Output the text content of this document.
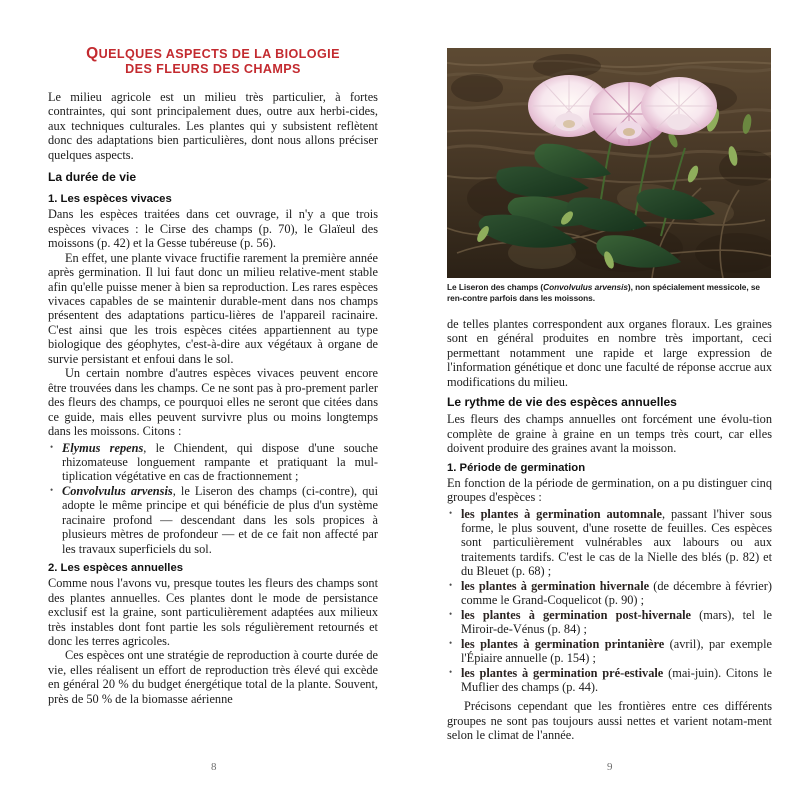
QUELQUES ASPECTS DE LA BIOLOGIE
DES FLEURS DES CHAMPS

Le milieu agricole est un milieu très particulier, à fortes contraintes, qui sont principalement dues, outre aux herbi-cides, aux techniques culturales. Les plantes qui y subsistent reflètent donc des adaptations bien particulières, dont nous allons préciser quelques aspects.

La durée de vie
1. Les espèces vivaces

Dans les espèces traitées dans cet ouvrage, il n'y a que trois espèces vivaces : le Cirse des champs (p. 70), le Glaïeul des moissons (p. 42) et la Gesse tubéreuse (p. 56).

En effet, une plante vivace fructifie rarement la première année après germination. Il lui faut donc un milieu relative-ment stable afin qu'elle puisse mener à bien sa reproduction. Les rares espèces vivaces capables de se maintenir durable-ment dans nos champs présentent des adaptations particu-lières de l'appareil racinaire. C'est ainsi que les trois espèces citées appartiennent au type biologique des géophytes, c'est-à-dire aux végétaux à organe de survie persistant et enfoui dans le sol.

Un certain nombre d'autres espèces vivaces peuvent encore être trouvées dans les champs. Ce ne sont pas à pro-prement parler des fleurs des champs, ce pourquoi elles ne seront que citées dans ce guide, mais elles peuvent survivre plus ou moins longtemps dans les moissons. Citons :

• Elymus repens, le Chiendent, qui dispose d'une souche rhizomateuse longuement rampante et pratiquant la mul-tiplication végétative en cas de fractionnement ;
• Convolvulus arvensis, le Liseron des champs (ci-contre), qui adopte le même principe et qui bénéficie de plus d'un système racinaire profond — descendant dans les sols propices à plusieurs mètres de profondeur — et de ce fait non affecté par les travaux superficiels du sol.
2. Les espèces annuelles

Comme nous l'avons vu, presque toutes les fleurs des champs sont des plantes annuelles. Ces plantes dont le mode de persistance exclusif est la graine, sont particulièrement adaptées aux milieux très instables dont font partie les sols régulièrement retournés et donc les terres agricoles.

Ces espèces ont une stratégie de reproduction à courte durée de vie, elles réalisent un effort de reproduction très élevé qui excède en général 20 % du budget énergétique total de la plante. Souvent, près de 50 % de la biomasse aérienne

Le Liseron des champs (Convolvulus arvensis), non spécialement messicole, se ren-contre parfois dans les moissons.

de telles plantes correspondent aux organes floraux. Les graines sont en général produites en nombre très important, ceci permettant notamment une rapide et large expression de l'information génétique et donc une faculté de réponse accrue aux modifications du milieu.

Le rythme de vie des espèces annuelles

Les fleurs des champs annuelles ont forcément une évolu-tion complète de graine à graine en un temps très court, car elles doivent produire des graines avant la moisson.

1. Période de germination

En fonction de la période de germination, on a pu distinguer cinq groupes d'espèces :

• les plantes à germination automnale, passant l'hiver sous forme, le plus souvent, d'une rosette de feuilles. Ces espèces sont particulièrement vulnérables aux labours ou aux traitements tardifs. C'est le cas de la Nielle des blés (p. 82) et du Bleuet (p. 68) ;
• les plantes à germination hivernale (de décembre à février) comme le Grand-Coquelicot (p. 90) ;
• les plantes à germination post-hivernale (mars), tel le Miroir-de-Vénus (p. 84) ;
• les plantes à germination printanière (avril), par exemple l'Épiaire annuelle (p. 154) ;
• les plantes à germination pré-estivale (mai-juin). Citons le Muflier des champs (p. 44).

Précisons cependant que les frontières entre ces différents groupes ne sont pas toujours aussi nettes et varient notam-ment selon le climat de l'année.

8	9
